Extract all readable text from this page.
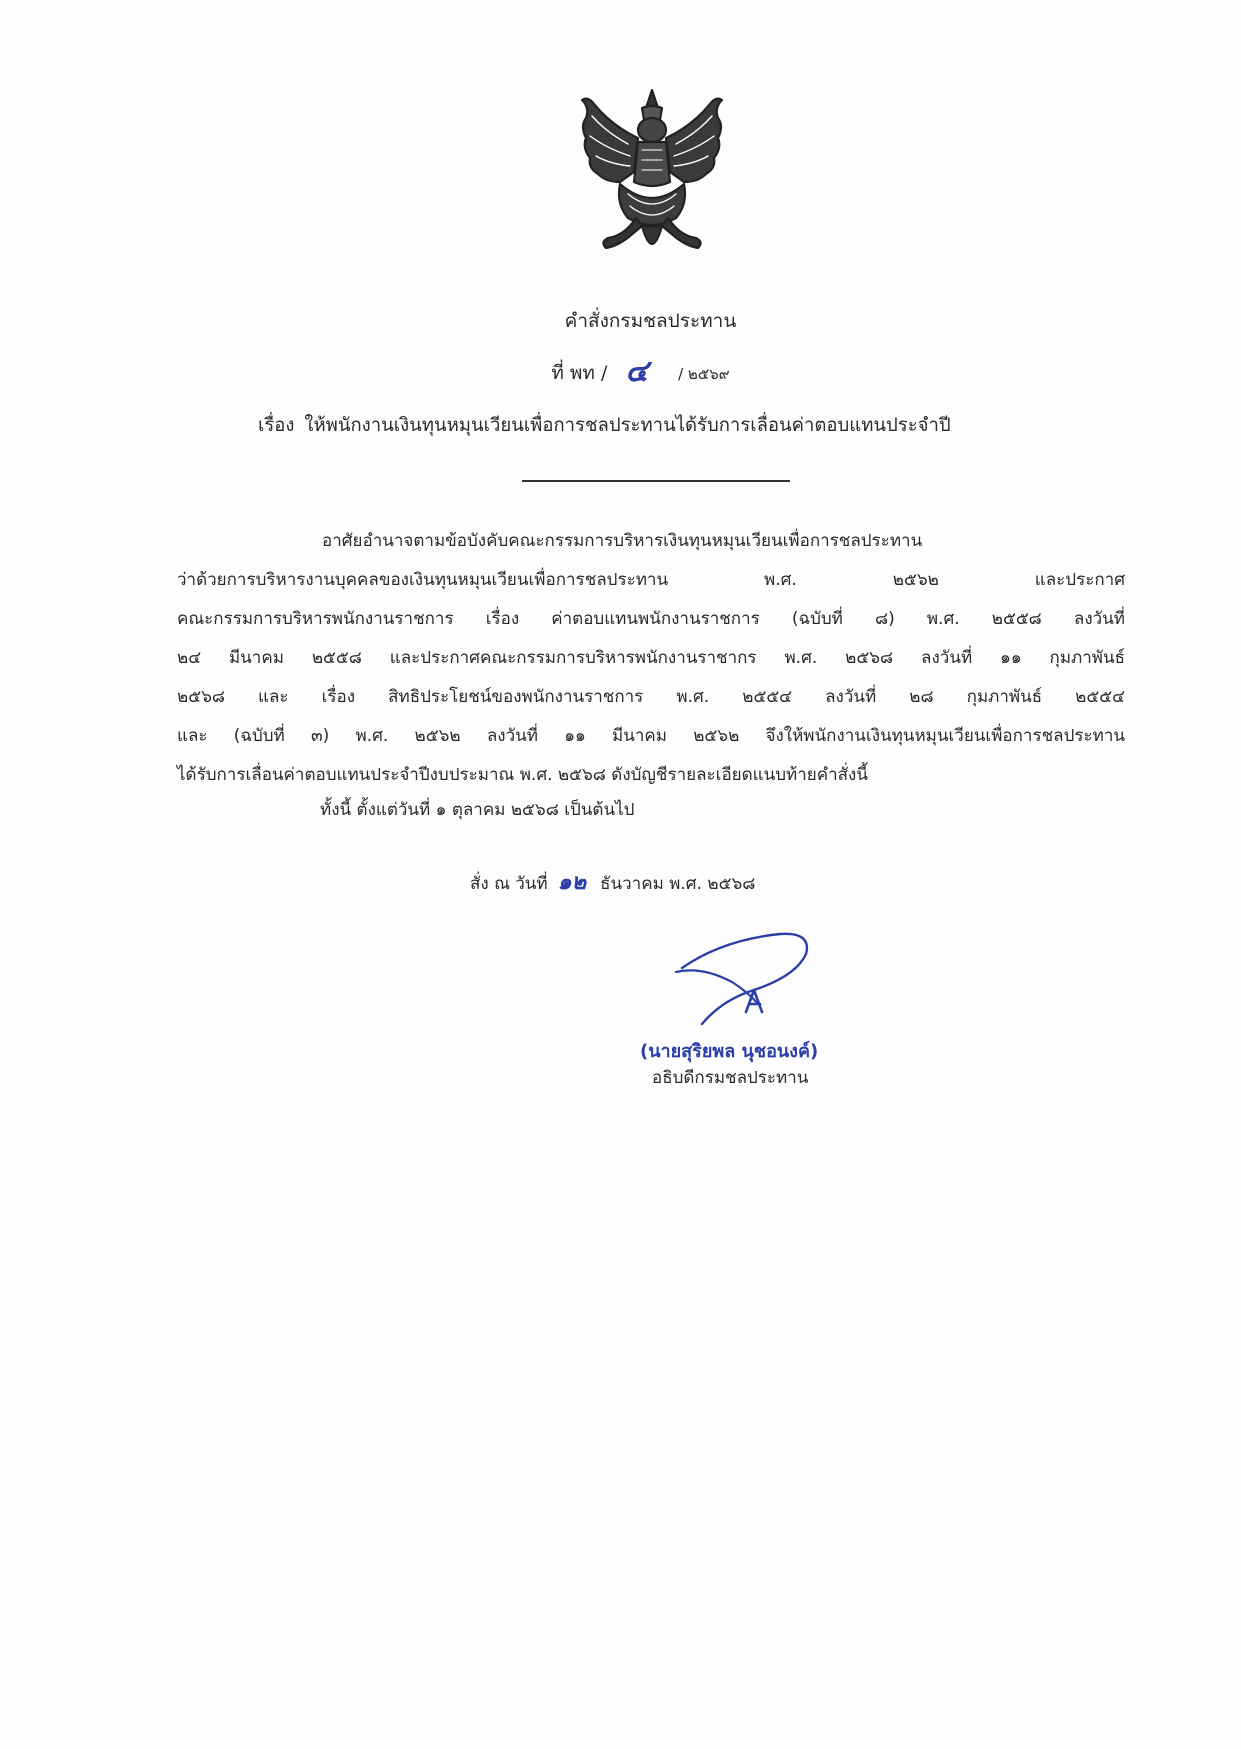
คำสั่งกรมชลประทาน
ที่ พท / ๔ / ๒๕๖๙
เรื่อง ให้พนักงานเงินทุนหมุนเวียนเพื่อการชลประทานได้รับการเลื่อนค่าตอบแทนประจำปี
อาศัยอำนาจตามข้อบังคับคณะกรรมการบริหารเงินทุนหมุนเวียนเพื่อการชลประทาน
ว่าด้วยการบริหารงานบุคคลของเงินทุนหมุนเวียนเพื่อการชลประทาน พ.ศ. ๒๕๖๒ และประกาศ
คณะกรรมการบริหารพนักงานราชการ เรื่อง ค่าตอบแทนพนักงานราชการ (ฉบับที่ ๘) พ.ศ. ๒๕๕๘ ลงวันที่
๒๔ มีนาคม ๒๕๕๘ และประกาศคณะกรรมการบริหารพนักงานราชากร พ.ศ. ๒๕๖๘ ลงวันที่ ๑๑ กุมภาพันธ์
๒๕๖๘ และ เรื่อง สิทธิประโยชน์ของพนักงานราชการ พ.ศ. ๒๕๕๔ ลงวันที่ ๒๘ กุมภาพันธ์ ๒๕๕๔
และ (ฉบับที่ ๓) พ.ศ. ๒๕๖๒ ลงวันที่ ๑๑ มีนาคม ๒๕๖๒ จึงให้พนักงานเงินทุนหมุนเวียนเพื่อการชลประทาน
ได้รับการเลื่อนค่าตอบแทนประจำปีงบประมาณ พ.ศ. ๒๕๖๘ ดังบัญชีรายละเอียดแนบท้ายคำสั่งนี้
ทั้งนี้ ตั้งแต่วันที่ ๑ ตุลาคม ๒๕๖๘ เป็นต้นไป
สั่ง ณ วันที่ ๑๒ ธันวาคม พ.ศ. ๒๕๖๘
(นายสุริยพล นุชอนงค์)
อธิบดีกรมชลประทาน
